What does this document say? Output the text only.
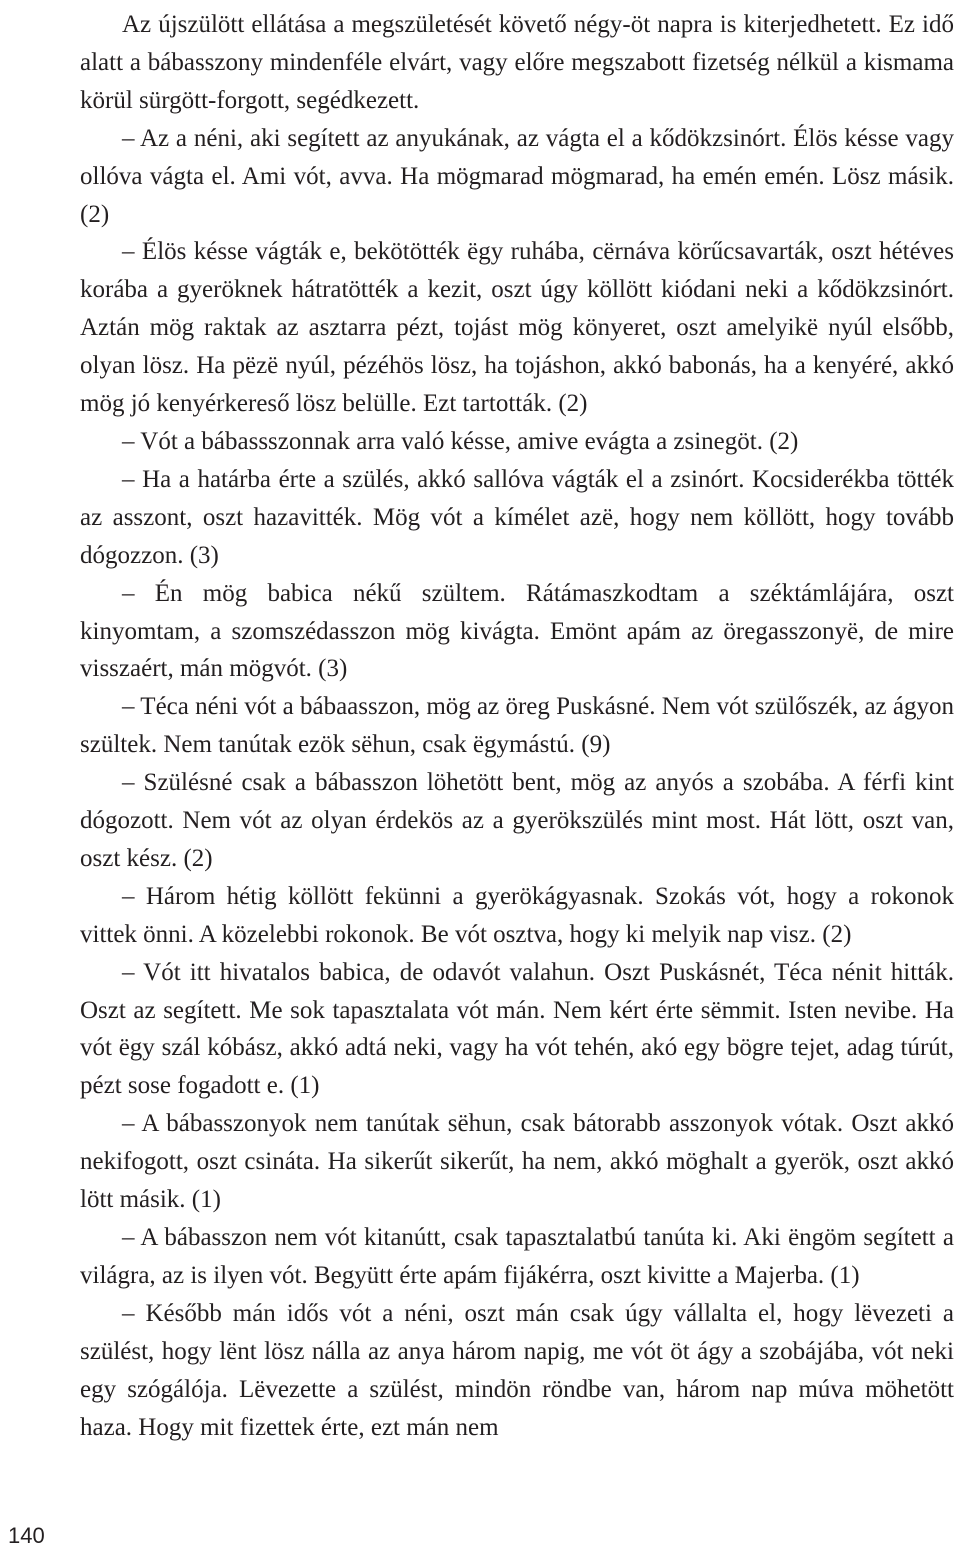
Az újszülött ellátása a megszületését követő négy-öt napra is kiterjedhetett. Ez idő alatt a bábasszony mindenféle elvárt, vagy előre megszabott fizetség nélkül a kismama körül sürgött-forgott, segédkezett.

– Az a néni, aki segített az anyukának, az vágta el a kődökzsinórt. Élös késse vagy ollóva vágta el. Ami vót, avva. Ha mögmarad mögmarad, ha emén emén. Lösz másik. (2)

– Élös késse vágták e, bekötötték ëgy ruhába, cërnáva körűcsavarták, oszt hétéves korába a gyeröknek hátratötték a kezit, oszt úgy köllött kiódani neki a kődökzsinórt. Aztán mög raktak az asztarra pézt, tojást mög könyeret, oszt amelyikë nyúl elsőbb, olyan lösz. Ha pëzë nyúl, pézéhös lösz, ha tojáshon, akkó babonás, ha a kenyéré, akkó mög jó kenyérkereső lösz belülle. Ezt tartották. (2)

– Vót a bábassszonnak arra való késse, amive evágta a zsinegöt. (2)

– Ha a határba érte a szülés, akkó sallóva vágták el a zsinórt. Kocsiderékba tötték az asszont, oszt hazavitték. Mög vót a kímélet azë, hogy nem köllött, hogy tovább dógozzon. (3)

– Én mög babica nékű szültem. Rátámaszkodtam a széktámlájára, oszt kinyomtam, a szomszédasszon mög kivágta. Emönt apám az öregasszonyë, de mire visszaért, mán mögvót. (3)

– Téca néni vót a bábaasszon, mög az öreg Puskásné. Nem vót szülőszék, az ágyon szültek. Nem tanútak ezök sëhun, csak ëgymástú. (9)

– Szülésné csak a bábasszon löhetött bent, mög az anyós a szobába. A férfi kint dógozott. Nem vót az olyan érdekös az a gyerökszülés mint most. Hát lött, oszt van, oszt kész. (2)

– Három hétig köllött fekünni a gyerökágyasnak. Szokás vót, hogy a rokonok vittek önni. A közelebbi rokonok. Be vót osztva, hogy ki melyik nap visz. (2)

– Vót itt hivatalos babica, de odavót valahun. Oszt Puskásnét, Téca nénit hitták. Oszt az segített. Me sok tapasztalata vót mán. Nem kért érte sëmmit. Isten nevibe. Ha vót ëgy szál kóbász, akkó adtá neki, vagy ha vót tehén, akó egy bögre tejet, adag túrút, pézt sose fogadott e. (1)

– A bábasszonyok nem tanútak sëhun, csak bátorabb asszonyok vótak. Oszt akkó nekifogott, oszt csináta. Ha sikerűt sikerűt, ha nem, akkó möghalt a gyerök, oszt akkó lött másik. (1)

– A bábasszon nem vót kitanútt, csak tapasztalatbú tanúta ki. Aki ëngöm segített a világra, az is ilyen vót. Begyütt érte apám fijákérra, oszt kivitte a Majerba. (1)

– Később mán idős vót a néni, oszt mán csak úgy vállalta el, hogy lëvezeti a szülést, hogy lënt lösz nálla az anya három napig, me vót öt ágy a szobájába, vót neki egy szógálója. Lëvezette a szülést, mindön röndbe van, három nap múva möhetött haza. Hogy mit fizettek érte, ezt mán nem

140
